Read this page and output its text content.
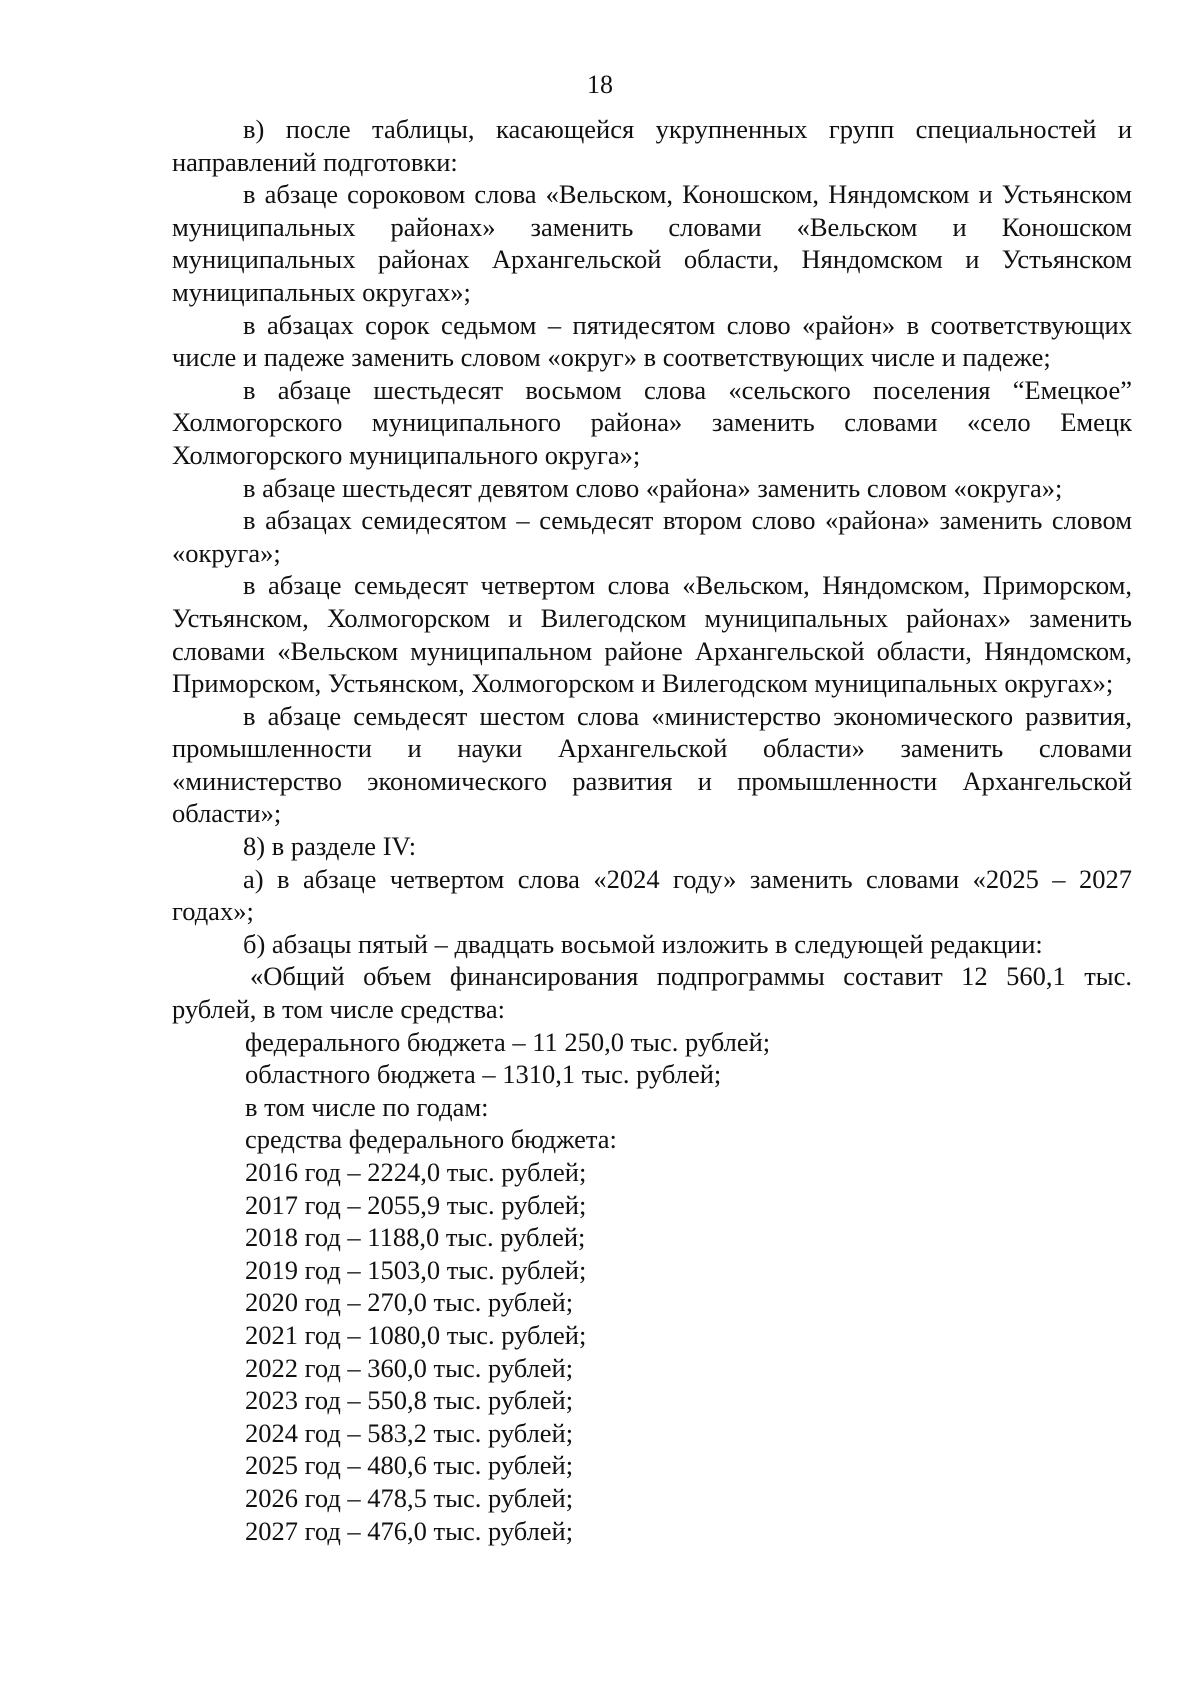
18

в) после таблицы, касающейся укрупненных групп специальностей и направлений подготовки:

в абзаце сороковом слова «Вельском, Коношском, Няндомском и Устьянском муниципальных районах» заменить словами «Вельском и Коношском муниципальных районах Архангельской области, Няндомском и Устьянском муниципальных округах»;

в абзацах сорок седьмом – пятидесятом слово «район» в соответствующих числе и падеже заменить словом «округ» в соответствующих числе и падеже;

в абзаце шестьдесят восьмом слова «сельского поселения “Емецкое” Холмогорского муниципального района» заменить словами «село Емецк Холмогорского муниципального округа»;

в абзаце шестьдесят девятом слово «района» заменить словом «округа»;

в абзацах семидесятом – семьдесят втором слово «района» заменить словом «округа»;

в абзаце семьдесят четвертом слова «Вельском, Няндомском, Приморском, Устьянском, Холмогорском и Вилегодском муниципальных районах» заменить словами «Вельском муниципальном районе Архангельской области, Няндомском, Приморском, Устьянском, Холмогорском и Вилегодском муниципальных округах»;

в абзаце семьдесят шестом слова «министерство экономического развития, промышленности и науки Архангельской области» заменить словами «министерство экономического развития и промышленности Архангельской области»;

8) в разделе IV:

а) в абзаце четвертом слова «2024 году» заменить словами «2025 – 2027 годах»;

б) абзацы пятый – двадцать восьмой изложить в следующей редакции:

«Общий объем финансирования подпрограммы составит 12 560,1 тыс. рублей, в том числе средства:

федерального бюджета – 11 250,0 тыс. рублей;

областного бюджета – 1310,1 тыс. рублей;

в том числе по годам:

средства федерального бюджета:

2016 год – 2224,0 тыс. рублей;

2017 год – 2055,9 тыс. рублей;

2018 год – 1188,0 тыс. рублей;

2019 год – 1503,0 тыс. рублей;

2020 год – 270,0 тыс. рублей;

2021 год – 1080,0 тыс. рублей;

2022 год – 360,0 тыс. рублей;

2023 год – 550,8 тыс. рублей;

2024 год – 583,2 тыс. рублей;

2025 год – 480,6 тыс. рублей;

2026 год – 478,5 тыс. рублей;

2027 год – 476,0 тыс. рублей;
